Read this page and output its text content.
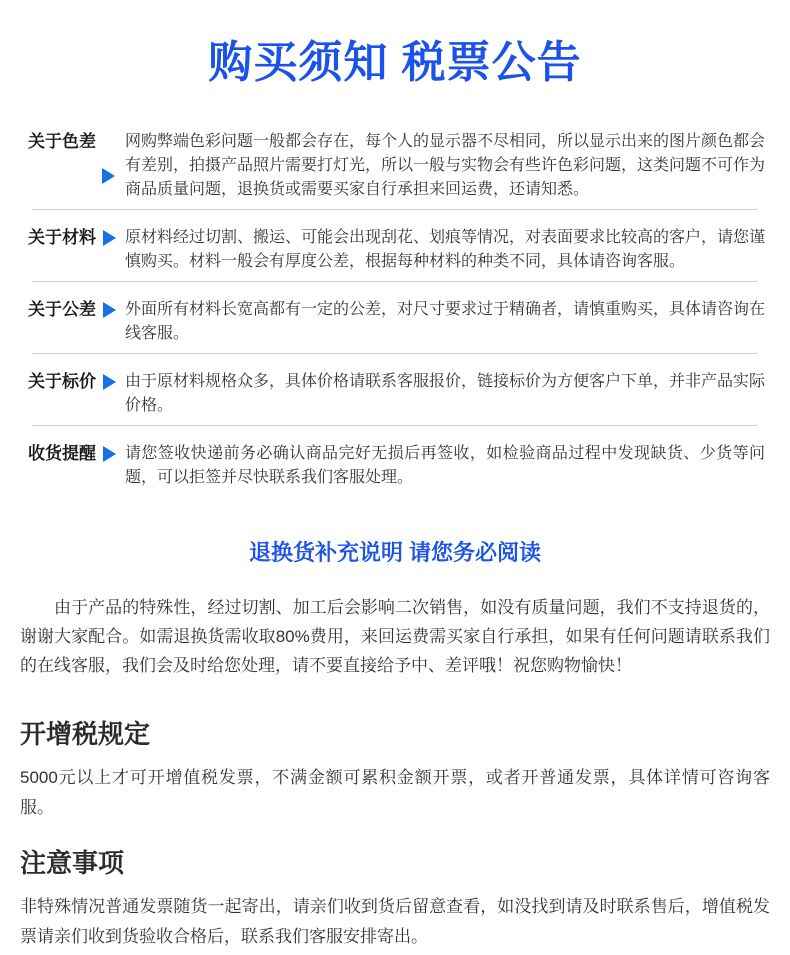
购买须知 税票公告
关于色差 网购弊端色彩问题一般都会存在，每个人的显示器不尽相同，所以显示出来的图片颜色都会有差别，拍摄产品照片需要打灯光，所以一般与实物会有些许色彩问题，这类问题不可作为商品质量问题，退换货或需要买家自行承担来回运费，还请知悉。
关于材料 原材料经过切割、搬运、可能会出现刮花、划痕等情况，对表面要求比较高的客户，请您谨慎购买。材料一般会有厚度公差，根据每种材料的种类不同，具体请咨询客服。
关于公差 外面所有材料长宽高都有一定的公差，对尺寸要求过于精确者，请慎重购买，具体请咨询在线客服。
关于标价 由于原材料规格众多，具体价格请联系客服报价，链接标价为方便客户下单，并非产品实际价格。
收货提醒 请您签收快递前务必确认商品完好无损后再签收，如检验商品过程中发现缺货、少货等问题，可以拒签并尽快联系我们客服处理。
退换货补充说明 请您务必阅读

由于产品的特殊性，经过切割、加工后会影响二次销售，如没有质量问题，我们不支持退货的，谢谢大家配合。如需退换货需收取80%费用，来回运费需买家自行承担，如果有任何问题请联系我们的在线客服，我们会及时给您处理，请不要直接给予中、差评哦！祝您购物愉快！

开增税规定

5000元以上才可开增值税发票，不满金额可累积金额开票，或者开普通发票，具体详情可咨询客服。

注意事项

非特殊情况普通发票随货一起寄出，请亲们收到货后留意查看，如没找到请及时联系售后，增值税发票请亲们收到货验收合格后，联系我们客服安排寄出。
